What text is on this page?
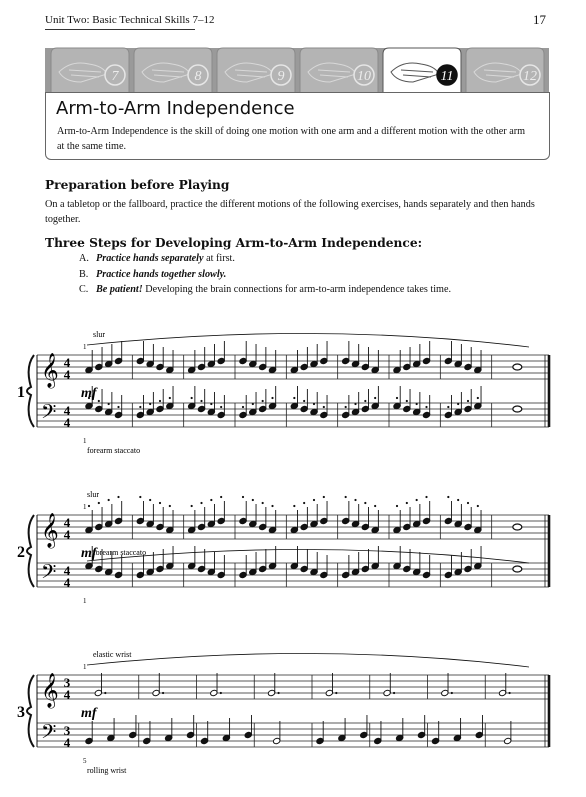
Unit Two: Basic Technical Skills 7–12	17
7	8	9	10	11	12
Arm-to-Arm Independence
Arm-to-Arm Independence is the skill of doing one motion with one arm and a different motion with the other arm at the same time.
Preparation before Playing
On a tabletop or the fallboard, practice the different motions of the following exercises, hands separately and then hands together.
Three Steps for Developing Arm-to-Arm Independence:
A. Practice hands separately at first.
B. Practice hands together slowly.
C. Be patient! Developing the brain connections for arm-to-arm independence takes time.
1
𝄞
𝄢
4
4
4
4
slur
1
mf
1
forearm staccato
2
𝄞
𝄢
4
4
4
4
forearm staccato
1
mf
1
slur
3
𝄞
𝄢
3
4
3
4
elastic wrist
1
mf
5
rolling wrist
